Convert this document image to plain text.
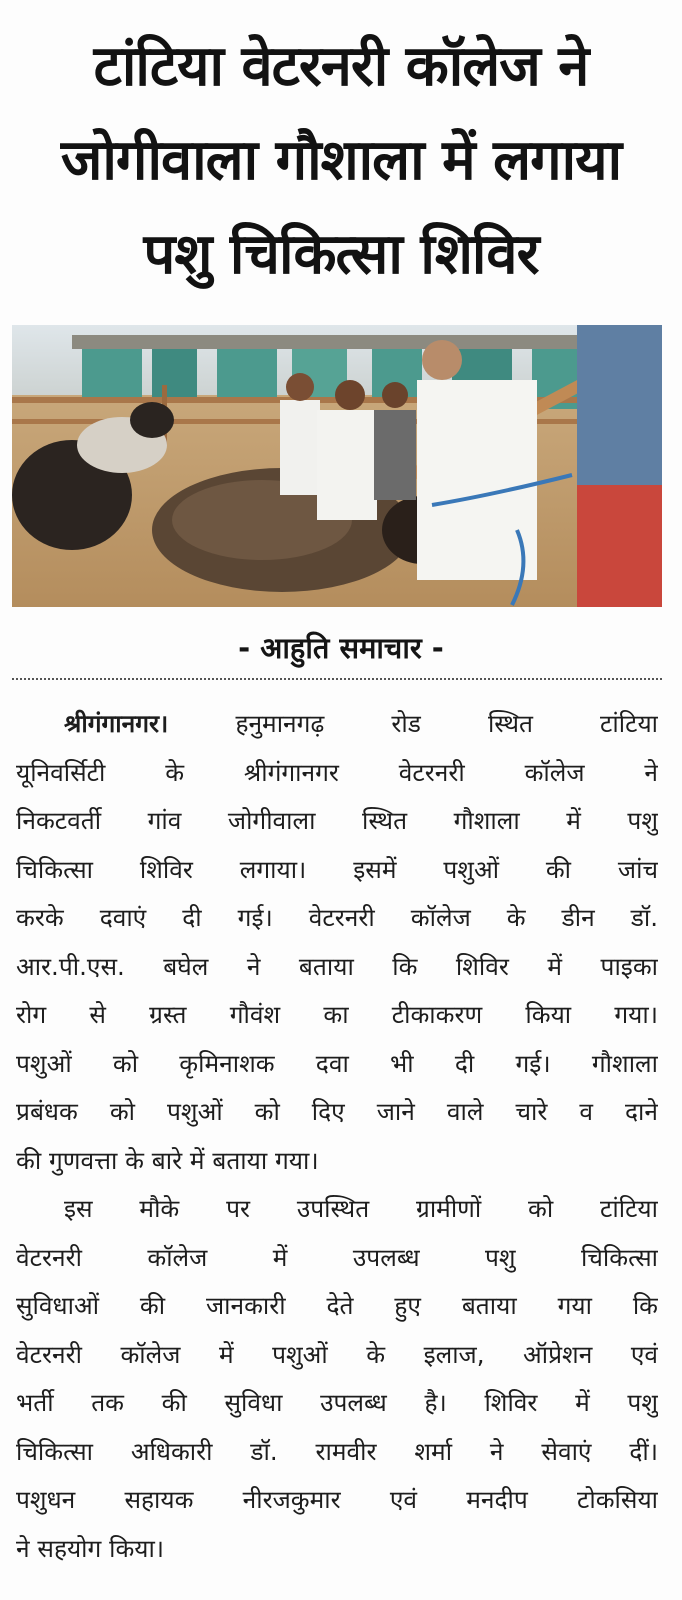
टांटिया वेटरनरी कॉलेज ने
जोगीवाला गौशाला में लगाया
पशु चिकित्सा शिविर
- आहुति समाचार -
श्रीगंगानगर।	हनुमानगढ़ रोड स्थित टांटिया
यूनिवर्सिटी के श्रीगंगानगर वेटरनरी कॉलेज ने
निकटवर्ती गांव जोगीवाला स्थित गौशाला में पशु
चिकित्सा शिविर लगाया। इसमें पशुओं की जांच
करके दवाएं दी गई। वेटरनरी कॉलेज के डीन डॉ.
आर.पी.एस. बघेल ने बताया कि शिविर में पाइका
रोग से ग्रस्त गौवंश का टीकाकरण किया गया।
पशुओं को कृमिनाशक दवा भी दी गई। गौशाला
प्रबंधक को पशुओं को दिए जाने वाले चारे व दाने
की गुणवत्ता के बारे में बताया गया।
इस मौके पर उपस्थित ग्रामीणों को टांटिया
वेटरनरी कॉलेज में उपलब्ध पशु चिकित्सा
सुविधाओं की जानकारी देते हुए बताया गया कि
वेटरनरी कॉलेज में पशुओं के इलाज, ऑप्रेशन एवं
भर्ती तक की सुविधा उपलब्ध है। शिविर में पशु
चिकित्सा अधिकारी डॉ. रामवीर शर्मा ने सेवाएं दीं।
पशुधन सहायक नीरजकुमार एवं मनदीप टोकसिया
ने सहयोग किया।
